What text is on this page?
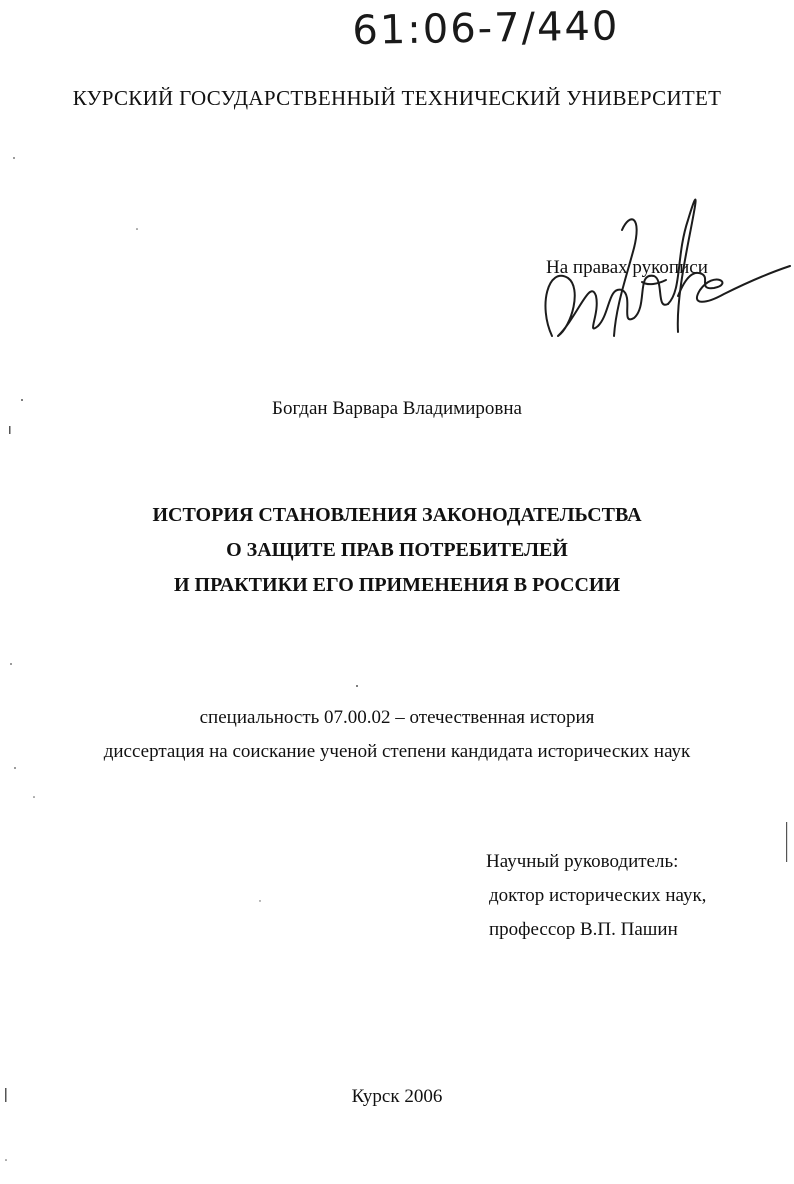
61:06-7/440
КУРСКИЙ ГОСУДАРСТВЕННЫЙ ТЕХНИЧЕСКИЙ УНИВЕРСИТЕТ
На правах рукописи
Богдан Варвара Владимировна
ИСТОРИЯ СТАНОВЛЕНИЯ ЗАКОНОДАТЕЛЬСТВА
О ЗАЩИТЕ ПРАВ ПОТРЕБИТЕЛЕЙ
И ПРАКТИКИ ЕГО ПРИМЕНЕНИЯ В РОССИИ
специальность 07.00.02 – отечественная история
диссертация на соискание ученой степени кандидата исторических наук
Научный руководитель:
доктор исторических наук,
профессор В.П. Пашин
Курск 2006
